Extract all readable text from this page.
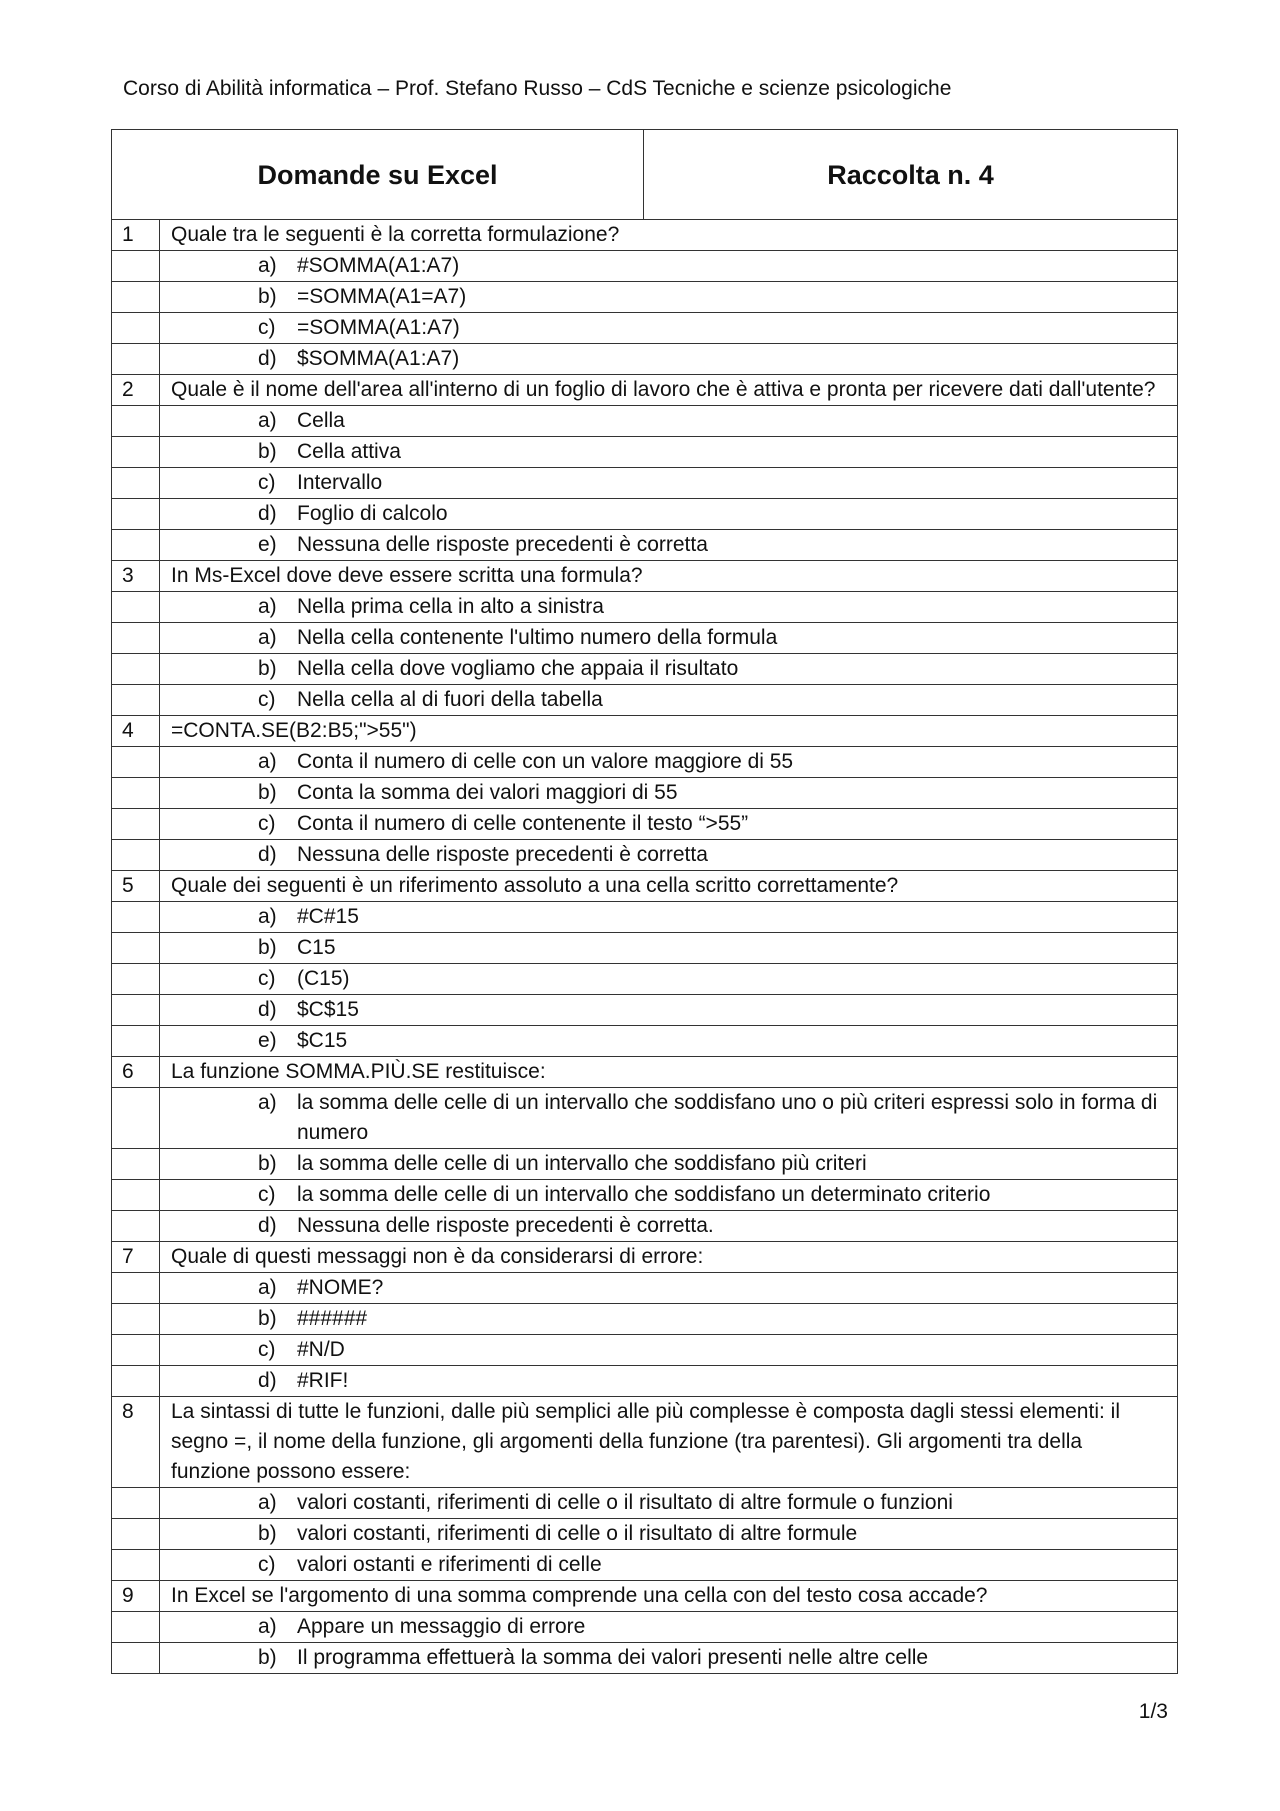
Corso di Abilità informatica – Prof. Stefano Russo – CdS Tecniche e scienze psicologiche
Domande su Excel		Raccolta n. 4
1	Quale tra le seguenti è la corretta formulazione?	

	a) #SOMMA(A1:A7)	

	b) =SOMMA(A1=A7)	

	c) =SOMMA(A1:A7)	

	d) $SOMMA(A1:A7)	

2	Quale è il nome dell'area all'interno di un foglio di lavoro che è attiva e pronta per ricevere dati dall'utente?	

	a) Cella	

	b) Cella attiva	

	c) Intervallo	

	d) Foglio di calcolo	

	e) Nessuna delle risposte precedenti è corretta	

3	In Ms-Excel dove deve essere scritta una formula?	

	a) Nella prima cella in alto a sinistra	

	a) Nella cella contenente l'ultimo numero della formula	

	b) Nella cella dove vogliamo che appaia il risultato	

	c) Nella cella al di fuori della tabella	

4	=CONTA.SE(B2:B5;">55")	

	a) Conta il numero di celle con un valore maggiore di 55	

	b) Conta la somma dei valori maggiori di 55	

	c) Conta il numero di celle contenente il testo “>55”	

	d) Nessuna delle risposte precedenti è corretta	

5	Quale dei seguenti è un riferimento assoluto a una cella scritto correttamente?	

	a) #C#15	

	b) C15	

	c) (C15)	

	d) $C$15	

	e) $C15	

6	La funzione SOMMA.PIÙ.SE restituisce:	

	a) la somma delle celle di un intervallo che soddisfano uno o più criteri espressi solo in forma di numero	

	b) la somma delle celle di un intervallo che soddisfano più criteri	

	c) la somma delle celle di un intervallo che soddisfano un determinato criterio	

	d) Nessuna delle risposte precedenti è corretta.	

7	Quale di questi messaggi non è da considerarsi di errore:	

	a) #NOME?	

	b) ######	

	c) #N/D	

	d) #RIF!	

8	La sintassi di tutte le funzioni, dalle più semplici alle più complesse è composta dagli stessi elementi: il segno =, il nome della funzione, gli argomenti della funzione (tra parentesi). Gli argomenti tra della funzione possono essere:	

	a) valori costanti, riferimenti di celle o il risultato di altre formule o funzioni	

	b) valori costanti, riferimenti di celle o il risultato di altre formule	

	c) valori ostanti e riferimenti di celle	

9	In Excel se l'argomento di una somma comprende una cella con del testo cosa accade?	

	a) Appare un messaggio di errore	

	b) Il programma effettuerà la somma dei valori presenti nelle altre celle	
1/3
